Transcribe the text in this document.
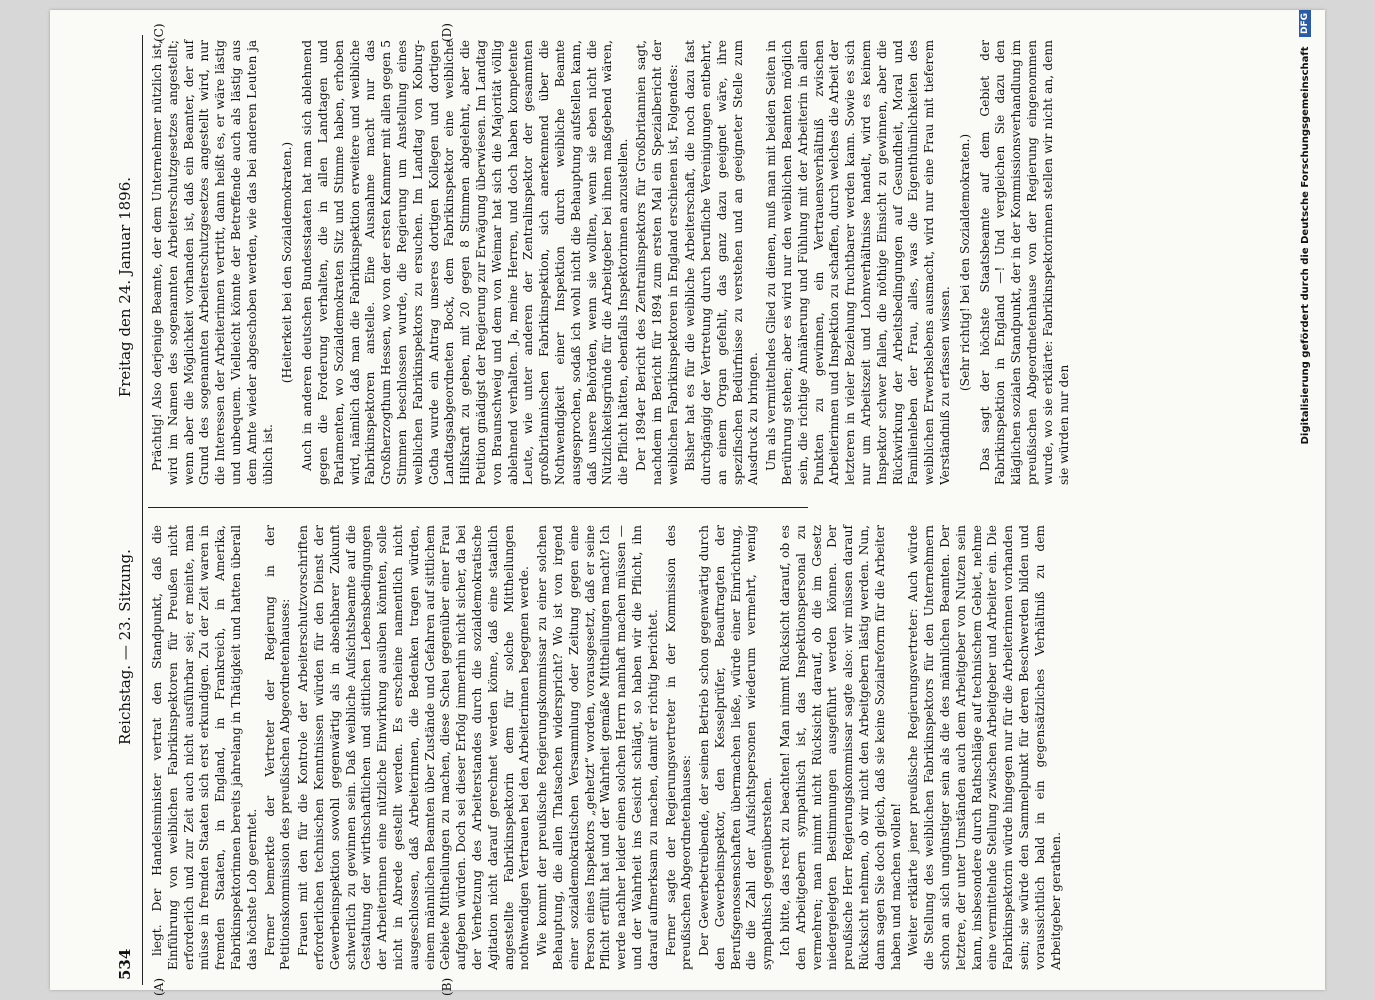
534
Reichstag. — 23. Sitzung.
Freitag den 24. Januar 1896.
(A)	(B)
(C)	(D)

liegt. Der Handelsminister vertrat den Standpunkt, daß die Einführung von weiblichen Fabrikinspektoren für Preußen nicht erforderlich und zur Zeit auch nicht ausführbar sei; er meinte, man müsse in fremden Staaten sich erst erkundigen. Zu der Zeit waren in fremden Staaten, in England, in Frankreich, in Amerika, Fabrikinspektorinnen bereits jahrelang in Thätigkeit und hatten überall das höchste Lob geerntet. Ferner bemerkte der Vertreter der Regierung in der Petitionskommission des preußischen Abgeordnetenhauses: Frauen mit den für die Kontrole der Arbeiterschutzvorschriften erforderlichen technischen Kenntnissen würden für den Dienst der Gewerbeinspektion sowohl gegenwärtig als in absehbarer Zukunft schwerlich zu gewinnen sein. Daß weibliche Aufsichtsbeamte auf die Gestaltung der wirthschaftlichen und sittlichen Lebensbedingungen der Arbeiterinnen eine nützliche Einwirkung ausüben könnten, solle nicht in Abrede gestellt werden. Es erscheine namentlich nicht ausgeschlossen, daß Arbeiterinnen, die Bedenken tragen würden, einem männlichen Beamten über Zustände und Gefahren auf sittlichem Gebiete Mittheilungen zu machen, diese Scheu gegenüber einer Frau aufgeben würden. Doch sei dieser Erfolg immerhin nicht sicher, da bei der Verhetzung des Arbeiterstandes durch die sozialdemokratische Agitation nicht darauf gerechnet werden könne, daß eine staatlich angestellte Fabrikinspektorin dem für solche Mittheilungen nothwendigen Vertrauen bei den Arbeiterinnen begegnen werde. Wie kommt der preußische Regierungskommissar zu einer solchen Behauptung, die allen Thatsachen widerspricht? Wo ist von irgend einer sozialdemokratischen Versammlung oder Zeitung gegen eine Person eines Inspektors „gehetzt“ worden, vorausgesetzt, daß er seine Pflicht erfüllt hat und der Wahrheit gemäße Mittheilungen macht? Ich werde nachher leider einen solchen Herrn namhaft machen müssen — und der Wahrheit ins Gesicht schlägt, so haben wir die Pflicht, ihn darauf aufmerksam zu machen, damit er richtig berichtet. Ferner sagte der Regierungsvertreter in der Kommission des preußischen Abgeordnetenhauses: Der Gewerbetreibende, der seinen Betrieb schon gegenwärtig durch den Gewerbeinspektor, den Kesselprüfer, Beauftragten der Berufsgenossenschaften übermachen ließe, würde einer Einrichtung, die die Zahl der Aufsichtspersonen wiederum vermehrt, wenig sympathisch gegenüberstehen. Ich bitte, das recht zu beachten! Man nimmt Rücksicht darauf, ob es den Arbeitgebern sympathisch ist, das Inspektionspersonal zu vermehren; man nimmt nicht Rücksicht darauf, ob die im Gesetz niedergelegten Bestimmungen ausgeführt werden können. Der preußische Herr Regierungskommissar sagte also: wir müssen darauf Rücksicht nehmen, ob wir nicht den Arbeitgebern lästig werden. Nun, dann sagen Sie doch gleich, daß sie keine Sozialreform für die Arbeiter haben und machen wollen! Weiter erklärte jener preußische Regierungsvertreter: Auch würde die Stellung des weiblichen Fabrikinspektors für den Unternehmern schon an sich ungünstiger sein als die des männlichen Beamten. Der letztere, der unter Umständen auch dem Arbeitgeber von Nutzen sein kann, insbesondere durch Rathschläge auf technischem Gebiet, nehme eine vermittelnde Stellung zwischen Arbeitgeber und Arbeiter ein. Die Fabrikinspektorin würde hingegen nur für die Arbeiterinnen vorhanden sein; sie würde den Sammelpunkt für deren Beschwerden bilden und voraussichtlich bald in ein gegensätzliches Verhältniß zu dem Arbeitgeber gerathen.

Prächtig! Also derjenige Beamte, der dem Unternehmer nützlich ist, wird im Namen des sogenannten Arbeiterschutzgesetzes angestellt; wenn aber die Möglichkeit vorhanden ist, daß ein Beamter, der auf Grund des sogenannten Arbeiterschutzgesetzes angestellt wird, nur die Interessen der Arbeiterinnen vertritt, dann heißt es, er wäre lästig und unbequem. Vielleicht könnte der Betreffende auch als lästig aus dem Amte wieder abgeschoben werden, wie das bei anderen Leuten ja üblich ist.

(Heiterkeit bei den Sozialdemokraten.) Auch in anderen deutschen Bundesstaaten hat man sich ablehnend gegen die Forderung verhalten, die in allen Landtagen und Parlamenten, wo Sozialdemokraten Sitz und Stimme haben, erhoben wird, nämlich daß man die Fabrikinspektion erweitere und weibliche Fabrikinspektoren anstelle. Eine Ausnahme macht nur das Großherzogthum Hessen, wo von der ersten Kammer mit allen gegen 5 Stimmen beschlossen wurde, die Regierung um Anstellung eines weiblichen Fabrikinspektors zu ersuchen. Im Landtag von Koburg-Gotha wurde ein Antrag unseres dortigen Kollegen und dortigen Landtagsabgeordneten Bock, dem Fabrikinspektor eine weibliche Hilfskraft zu geben, mit 20 gegen 8 Stimmen abgelehnt, aber die Petition gnädigst der Regierung zur Erwägung überwiesen. Im Landtag von Braunschweig und dem von Weimar hat sich die Majorität völlig ablehnend verhalten. Ja, meine Herren, und doch haben kompetente Leute, wie unter anderen der Zentralinspektor der gesammten großbritannischen Fabrikinspektion, sich anerkennend über die Nothwendigkeit einer Inspektion durch weibliche Beamte ausgesprochen, sodaß ich wohl nicht die Behauptung aufstellen kann, daß unsere Behörden, wenn sie wollten, wenn sie eben nicht die Nützlichkeitsgründe für die Arbeitgeber bei ihnen maßgebend wären, die Pflicht hätten, ebenfalls Inspektorinnen anzustellen. Der 1894er Bericht des Zentralinspektors für Großbritannien sagt, nachdem im Bericht für 1894 zum ersten Mal ein Spezialbericht der weiblichen Fabrikinspektoren in England erschienen ist, Folgendes: Bisher hat es für die weibliche Arbeiterschaft, die noch dazu fast durchgängig der Vertretung durch berufliche Vereinigungen entbehrt, an einem Organ gefehlt, das ganz dazu geeignet wäre, ihre spezifischen Bedürfnisse zu verstehen und an geeigneter Stelle zum Ausdruck zu bringen. Um als vermittelndes Glied zu dienen, muß man mit beiden Seiten in Berührung stehen; aber es wird nur den weiblichen Beamten möglich sein, die richtige Annäherung und Fühlung mit der Arbeiterin in allen Punkten zu gewinnen, ein Vertrauensverhältniß zwischen Arbeiterinnen und Inspektion zu schaffen, durch welches die Arbeit der letzteren in vieler Beziehung fruchtbarer werden kann. Sowie es sich nur um Arbeitszeit und Lohnverhältnisse handelt, wird es keinem Inspektor schwer fallen, die nöthige Einsicht zu gewinnen, aber die Rückwirkung der Arbeitsbedingungen auf Gesundheit, Moral und Familienleben der Frau, alles, was die Eigenthümlichkeiten des weiblichen Erwerbslebens ausmacht, wird nur eine Frau mit tieferem Verständniß zu erfassen wissen. (Sehr richtig! bei den Sozialdemokraten.) Das sagt der höchste Staatsbeamte auf dem Gebiet der Fabrikinspektion in England —! Und vergleichen Sie dazu den kläglichen sozialen Standpunkt, der in der Kommissionsverhandlung im preußischen Abgeordnetenhause von der Regierung eingenommen wurde, wo sie erklärte: Fabrikinspektorinnen stellen wir nicht an, denn sie würden nur den	Digitalisierung gefördert durch die Deutsche Forschungsgemeinschaft DFG
